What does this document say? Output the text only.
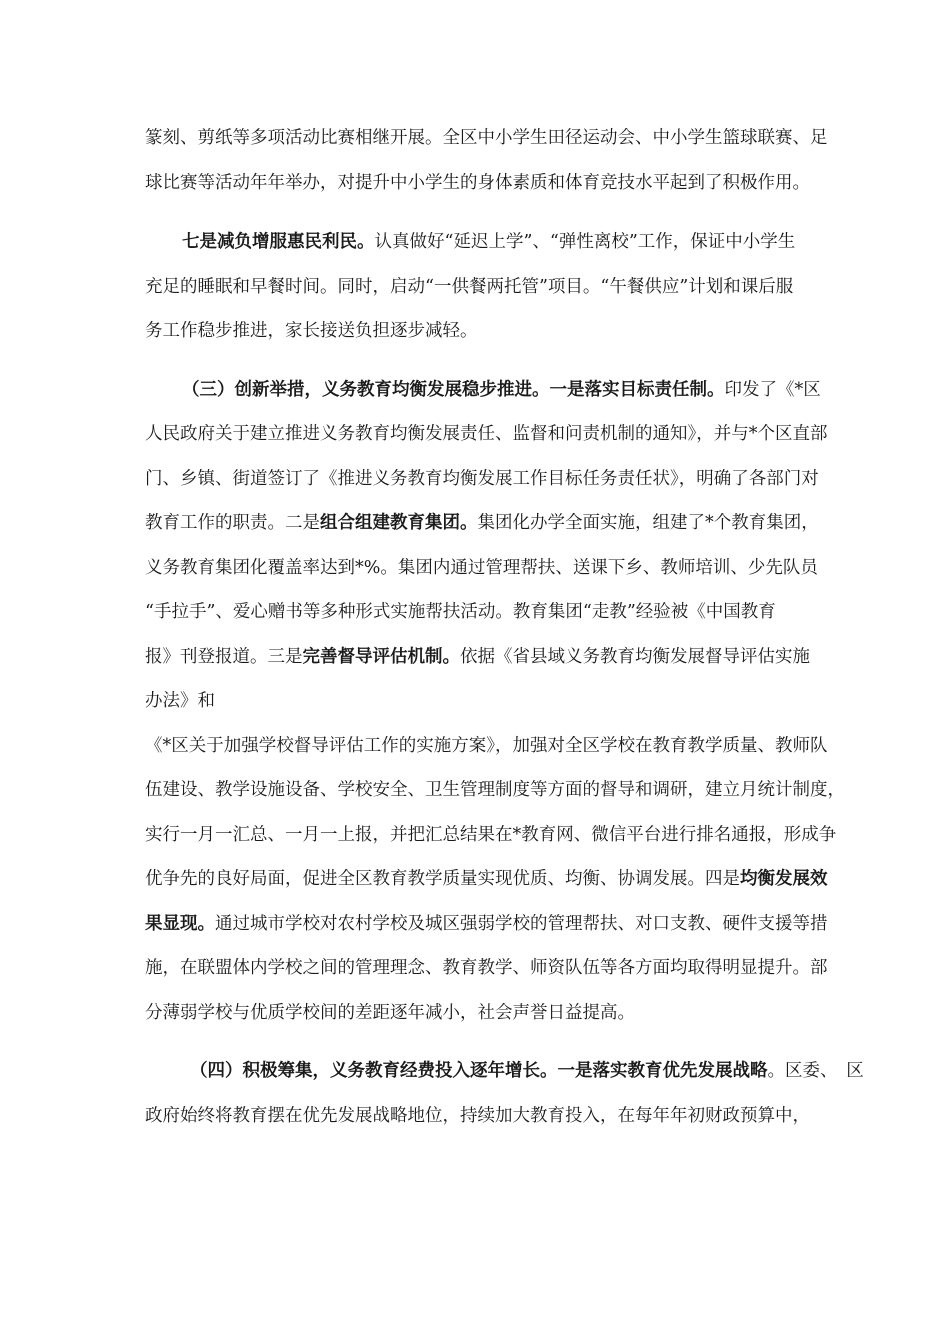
篆刻、剪纸等多项活动比赛相继开展。全区中小学生田径运动会、中小学生篮球联赛、足
球比赛等活动年年举办，对提升中小学生的身体素质和体育竞技水平起到了积极作用。
七是减负增服惠民利民。认真做好“延迟上学”、“弹性离校”工作，保证中小学生
充足的睡眠和早餐时间。同时，启动“一供餐两托管”项目。“午餐供应”计划和课后服
务工作稳步推进，家长接送负担逐步减轻。
（三）创新举措，义务教育均衡发展稳步推进。一是落实目标责任制。印发了《*区
人民政府关于建立推进义务教育均衡发展责任、监督和问责机制的通知》，并与*个区直部
门、乡镇、街道签订了《推进义务教育均衡发展工作目标任务责任状》，明确了各部门对
教育工作的职责。二是组合组建教育集团。集团化办学全面实施，组建了*个教育集团，
义务教育集团化覆盖率达到*%。集团内通过管理帮扶、送课下乡、教师培训、少先队员
“手拉手”、爱心赠书等多种形式实施帮扶活动。教育集团“走教”经验被《中国教育
报》刊登报道。三是完善督导评估机制。依据《省县域义务教育均衡发展督导评估实施
办法》和
《*区关于加强学校督导评估工作的实施方案》，加强对全区学校在教育教学质量、教师队
伍建设、教学设施设备、学校安全、卫生管理制度等方面的督导和调研，建立月统计制度，
实行一月一汇总、一月一上报，并把汇总结果在*教育网、微信平台进行排名通报，形成争
优争先的良好局面，促进全区教育教学质量实现优质、均衡、协调发展。四是均衡发展效
果显现。通过城市学校对农村学校及城区强弱学校的管理帮扶、对口支教、硬件支援等措
施，在联盟体内学校之间的管理理念、教育教学、师资队伍等各方面均取得明显提升。部
分薄弱学校与优质学校间的差距逐年减小，社会声誉日益提高。
（四）积极筹集，义务教育经费投入逐年增长。一是落实教育优先发展战略。区委、　区
政府始终将教育摆在优先发展战略地位，持续加大教育投入，在每年年初财政预算中，
